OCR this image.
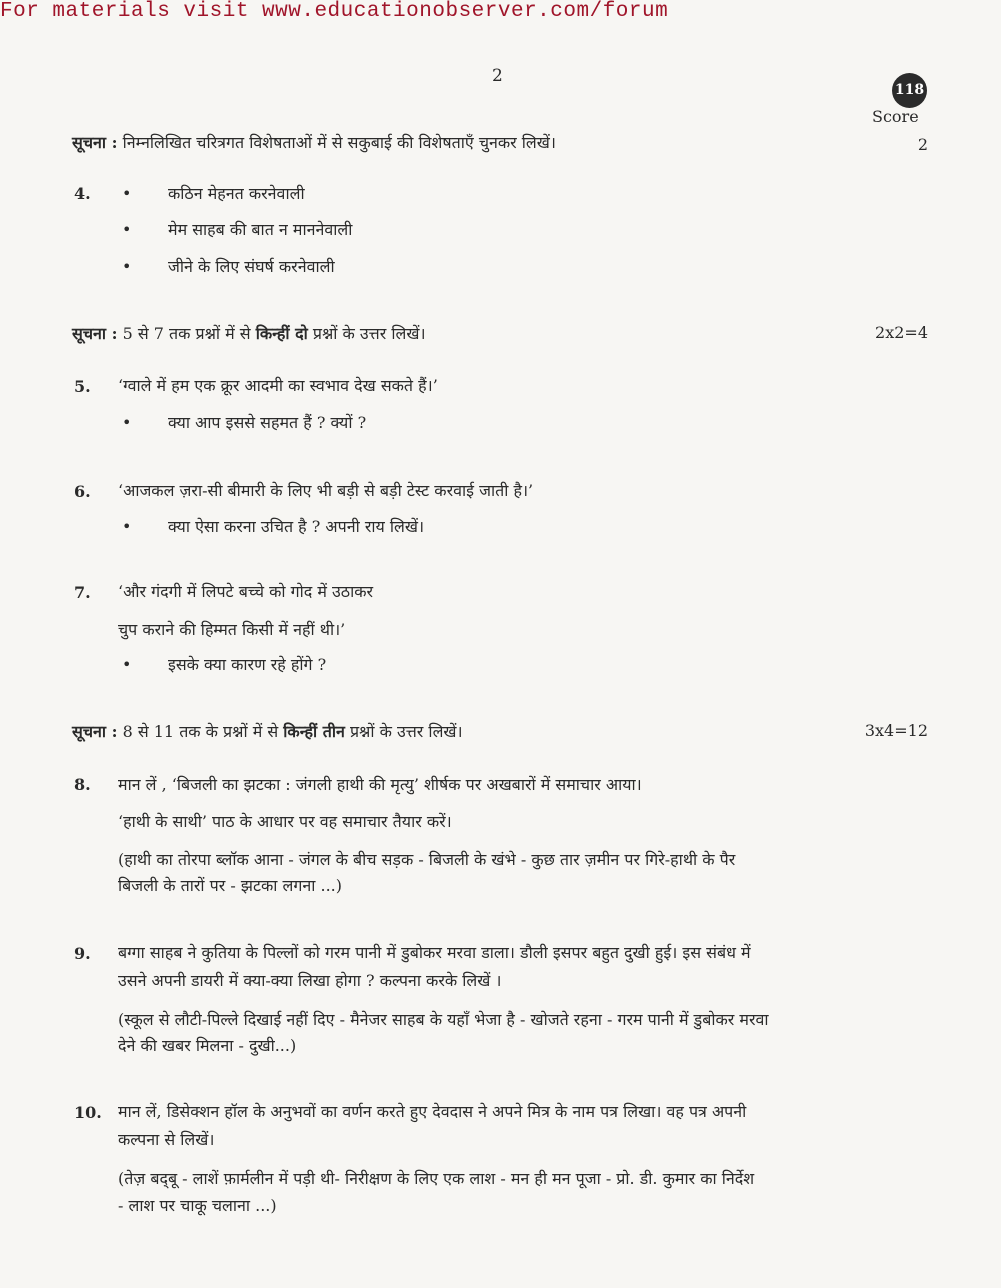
For materials visit www.educationobserver.com/forum
2
118
Score
सूचना : निम्नलिखित चरित्रगत विशेषताओं में से सकुबाई की विशेषताएँ चुनकर लिखें।	2
4. • कठिन मेहनत करनेवाली
• मेम साहब की बात न माननेवाली
• जीने के लिए संघर्ष करनेवाली
सूचना : 5 से 7 तक प्रश्नों में से किन्हीं दो प्रश्नों के उत्तर लिखें।	2x2=4
5. ‘ग्वाले में हम एक क्रूर आदमी का स्वभाव देख सकते हैं।’
• क्या आप इससे सहमत हैं ? क्यों ?
6. ‘आजकल ज़रा-सी बीमारी के लिए भी बड़ी से बड़ी टेस्ट करवाई जाती है।’
• क्या ऐसा करना उचित है ? अपनी राय लिखें।
7. ‘और गंदगी में लिपटे बच्चे को गोद में उठाकर
चुप कराने की हिम्मत किसी में नहीं थी।’
• इसके क्या कारण रहे होंगे ?
सूचना : 8 से 11 तक के प्रश्नों में से किन्हीं तीन प्रश्नों के उत्तर लिखें।	3x4=12
8. मान लें , ‘बिजली का झटका : जंगली हाथी की मृत्यु’ शीर्षक पर अखबारों में समाचार आया।
‘हाथी के साथी’ पाठ के आधार पर वह समाचार तैयार करें।
(हाथी का तोरपा ब्लॉक आना - जंगल के बीच सड़क - बिजली के खंभे - कुछ तार ज़मीन पर गिरे-हाथी के पैर
बिजली के तारों पर - झटका लगना ...)
9. बग्गा साहब ने कुतिया के पिल्लों को गरम पानी में डुबोकर मरवा डाला। डौली इसपर बहुत दुखी हुई। इस संबंध में
उसने अपनी डायरी में क्या-क्या लिखा होगा ? कल्पना करके लिखें ।
(स्कूल से लौटी-पिल्ले दिखाई नहीं दिए - मैनेजर साहब के यहाँ भेजा है - खोजते रहना - गरम पानी में डुबोकर मरवा
देने की खबर मिलना - दुखी...)
10. मान लें, डिसेक्शन हॉल के अनुभवों का वर्णन करते हुए देवदास ने अपने मित्र के नाम पत्र लिखा। वह पत्र अपनी
कल्पना से लिखें।
(तेज़ बद्‌बू - लाशें फ़ार्मलीन में पड़ी थी- निरीक्षण के लिए एक लाश - मन ही मन पूजा - प्रो. डी. कुमार का निर्देश
- लाश पर चाकू चलाना ...)
